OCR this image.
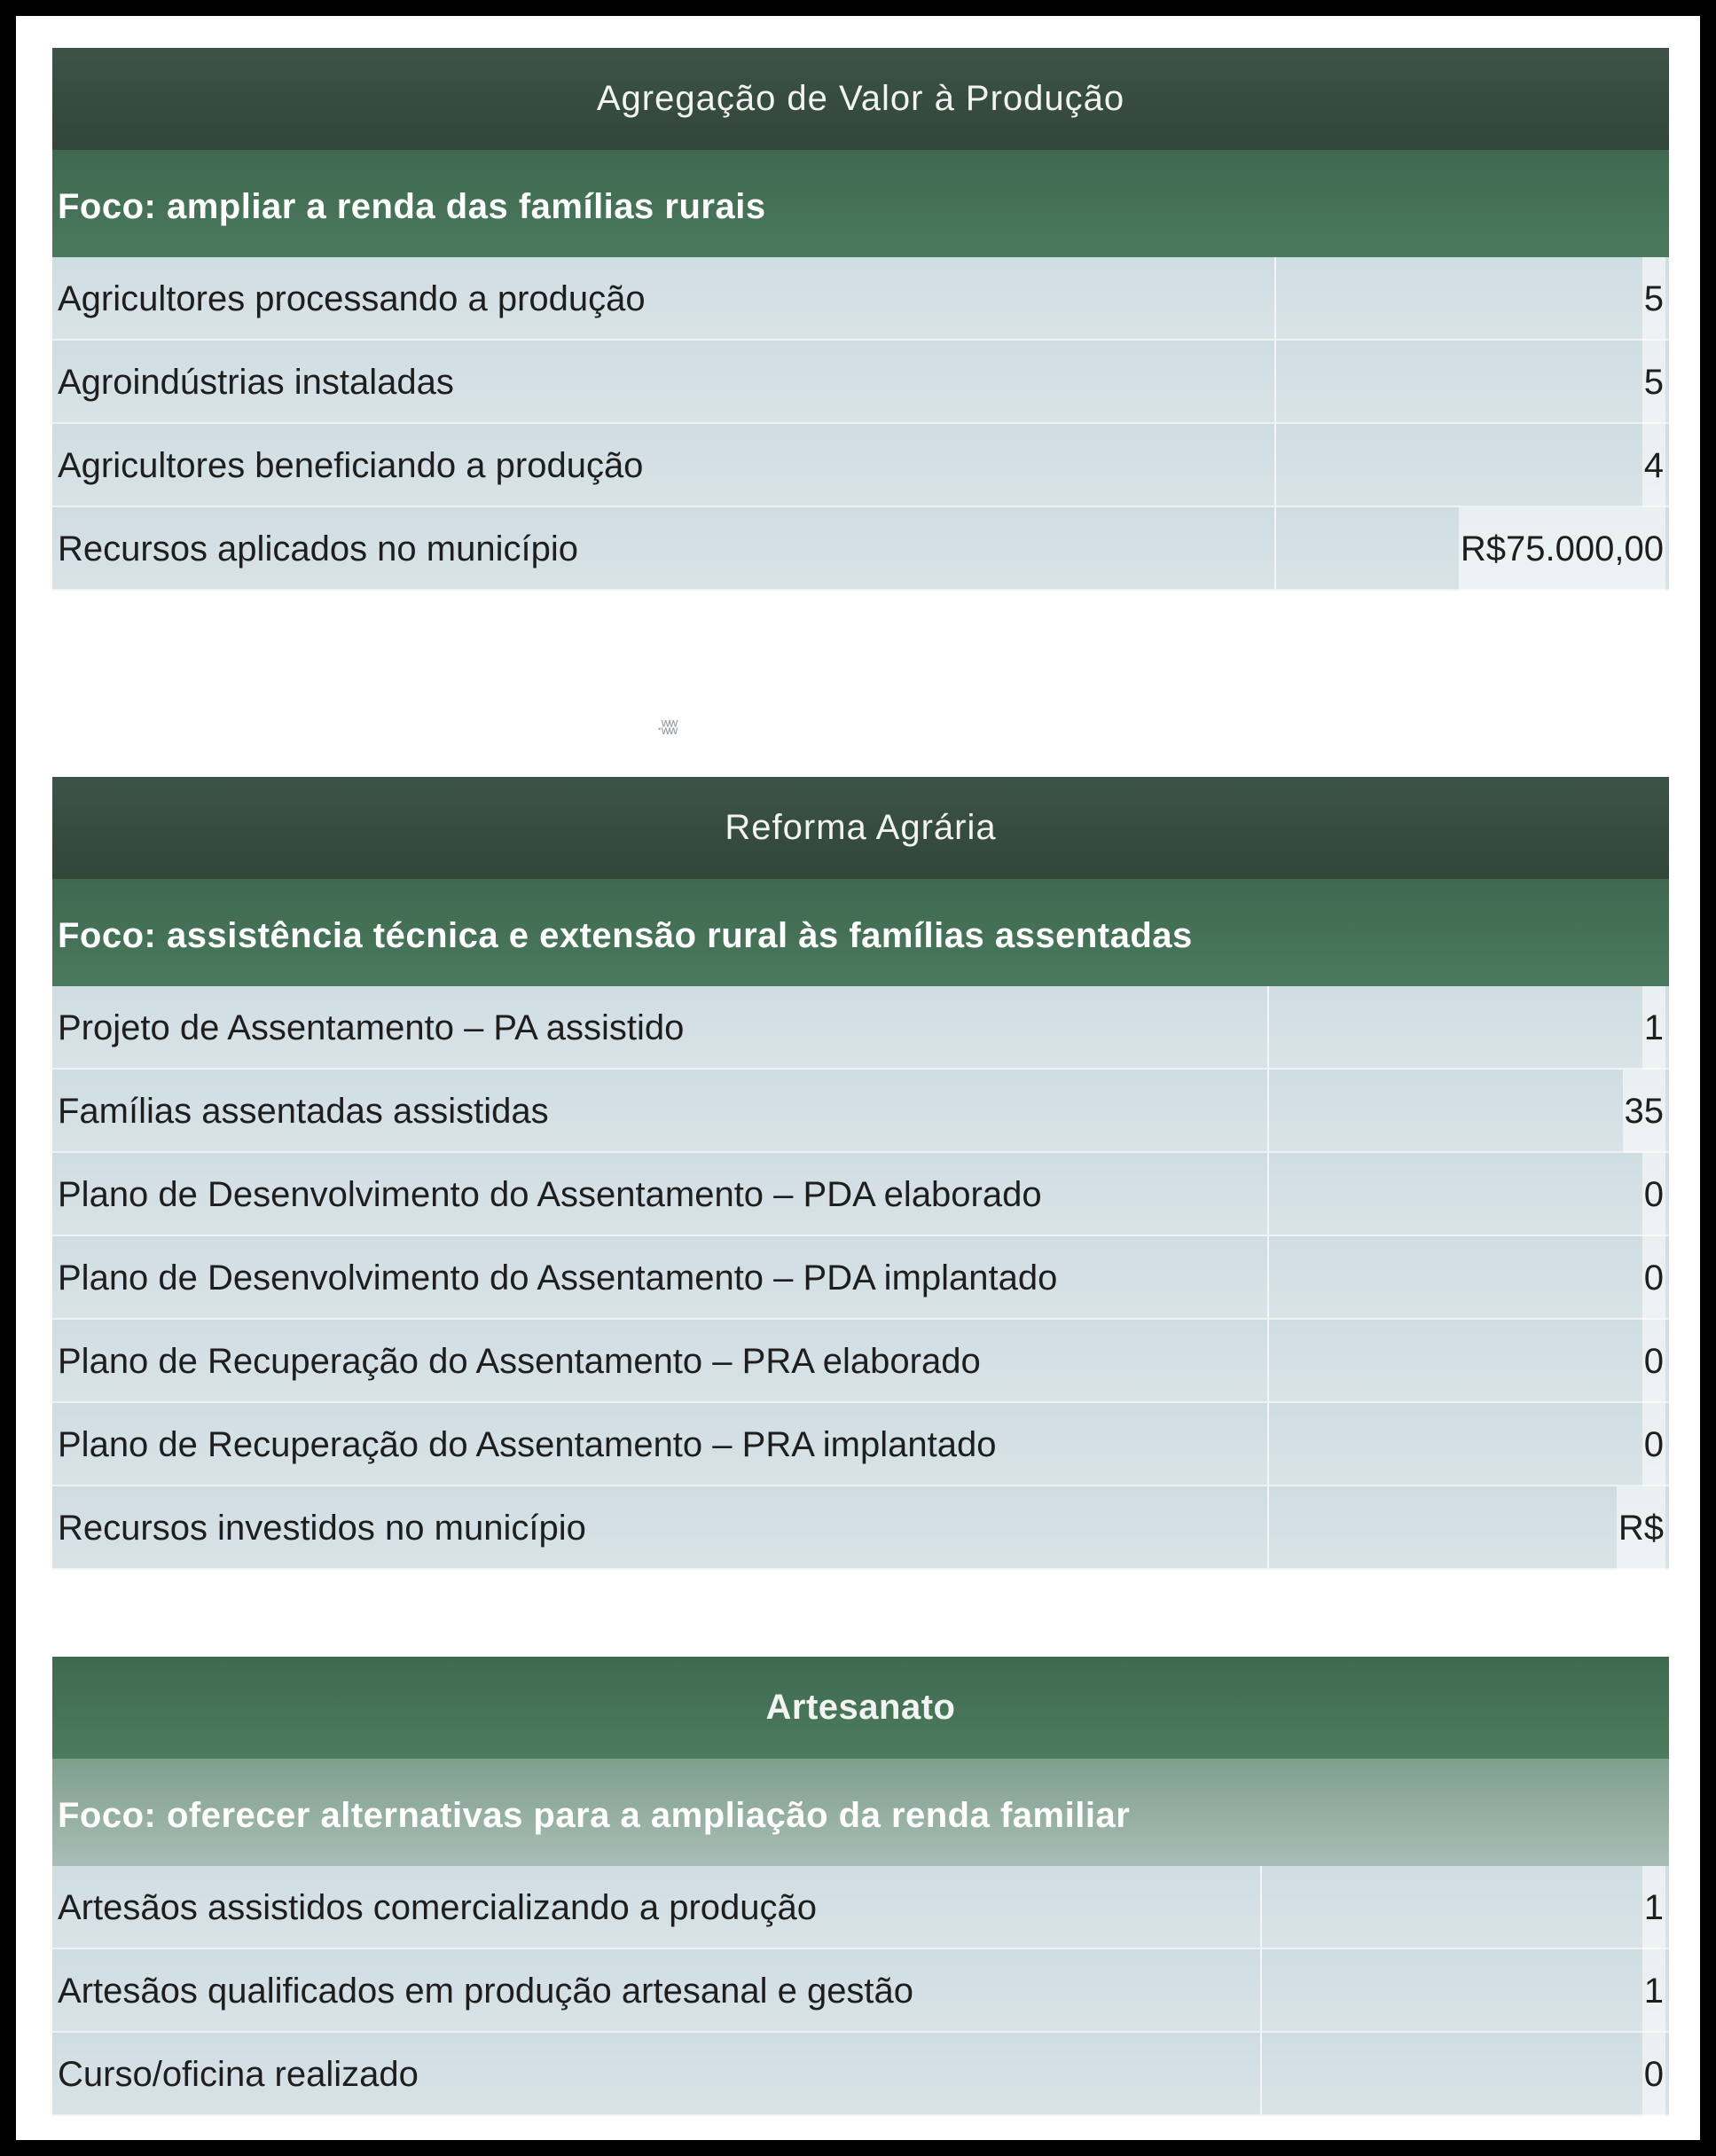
Agregação de Valor à Produção
Foco: ampliar a renda das famílias rurais
Agricultores processando a produção	5
Agroindústrias instaladas	5
Agricultores beneficiando a produção	4
Recursos aplicados no município	R$75.000,00
·ʬʬ
Reforma Agrária
Foco: assistência técnica e extensão rural às famílias assentadas
Projeto de Assentamento – PA assistido	1
Famílias assentadas assistidas	35
Plano de Desenvolvimento do Assentamento – PDA elaborado	0
Plano de Desenvolvimento do Assentamento – PDA implantado	0
Plano de Recuperação do Assentamento – PRA elaborado	0
Plano de Recuperação do Assentamento – PRA implantado	0
Recursos investidos no município	R$
Artesanato
Foco: oferecer alternativas para a ampliação da renda familiar
Artesãos assistidos comercializando a produção	1
Artesãos qualificados em produção artesanal e gestão	1
Curso/oficina realizado	0
